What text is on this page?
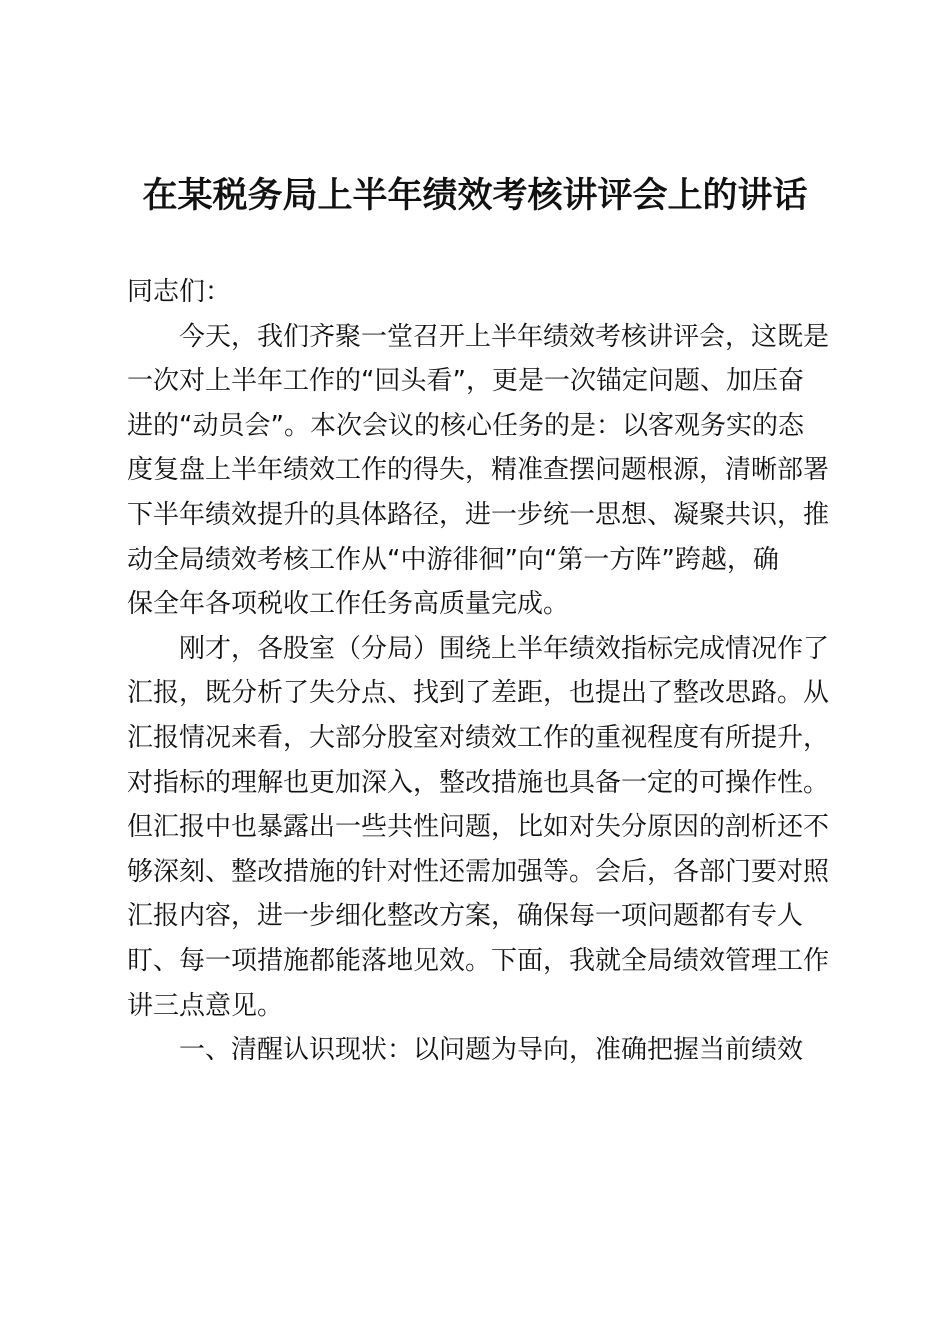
在某税务局上半年绩效考核讲评会上的讲话
同志们：
今天，我们齐聚一堂召开上半年绩效考核讲评会，这既是
一次对上半年工作的“回头看”，更是一次锚定问题、加压奋
进的“动员会”。本次会议的核心任务的是：以客观务实的态
度复盘上半年绩效工作的得失，精准查摆问题根源，清晰部署
下半年绩效提升的具体路径，进一步统一思想、凝聚共识，推
动全局绩效考核工作从“中游徘徊”向“第一方阵”跨越，确
保全年各项税收工作任务高质量完成。
刚才，各股室（分局）围绕上半年绩效指标完成情况作了
汇报，既分析了失分点、找到了差距，也提出了整改思路。从
汇报情况来看，大部分股室对绩效工作的重视程度有所提升，
对指标的理解也更加深入，整改措施也具备一定的可操作性。
但汇报中也暴露出一些共性问题，比如对失分原因的剖析还不
够深刻、整改措施的针对性还需加强等。会后，各部门要对照
汇报内容，进一步细化整改方案，确保每一项问题都有专人
盯、每一项措施都能落地见效。下面，我就全局绩效管理工作
讲三点意见。
一、清醒认识现状：以问题为导向，准确把握当前绩效
